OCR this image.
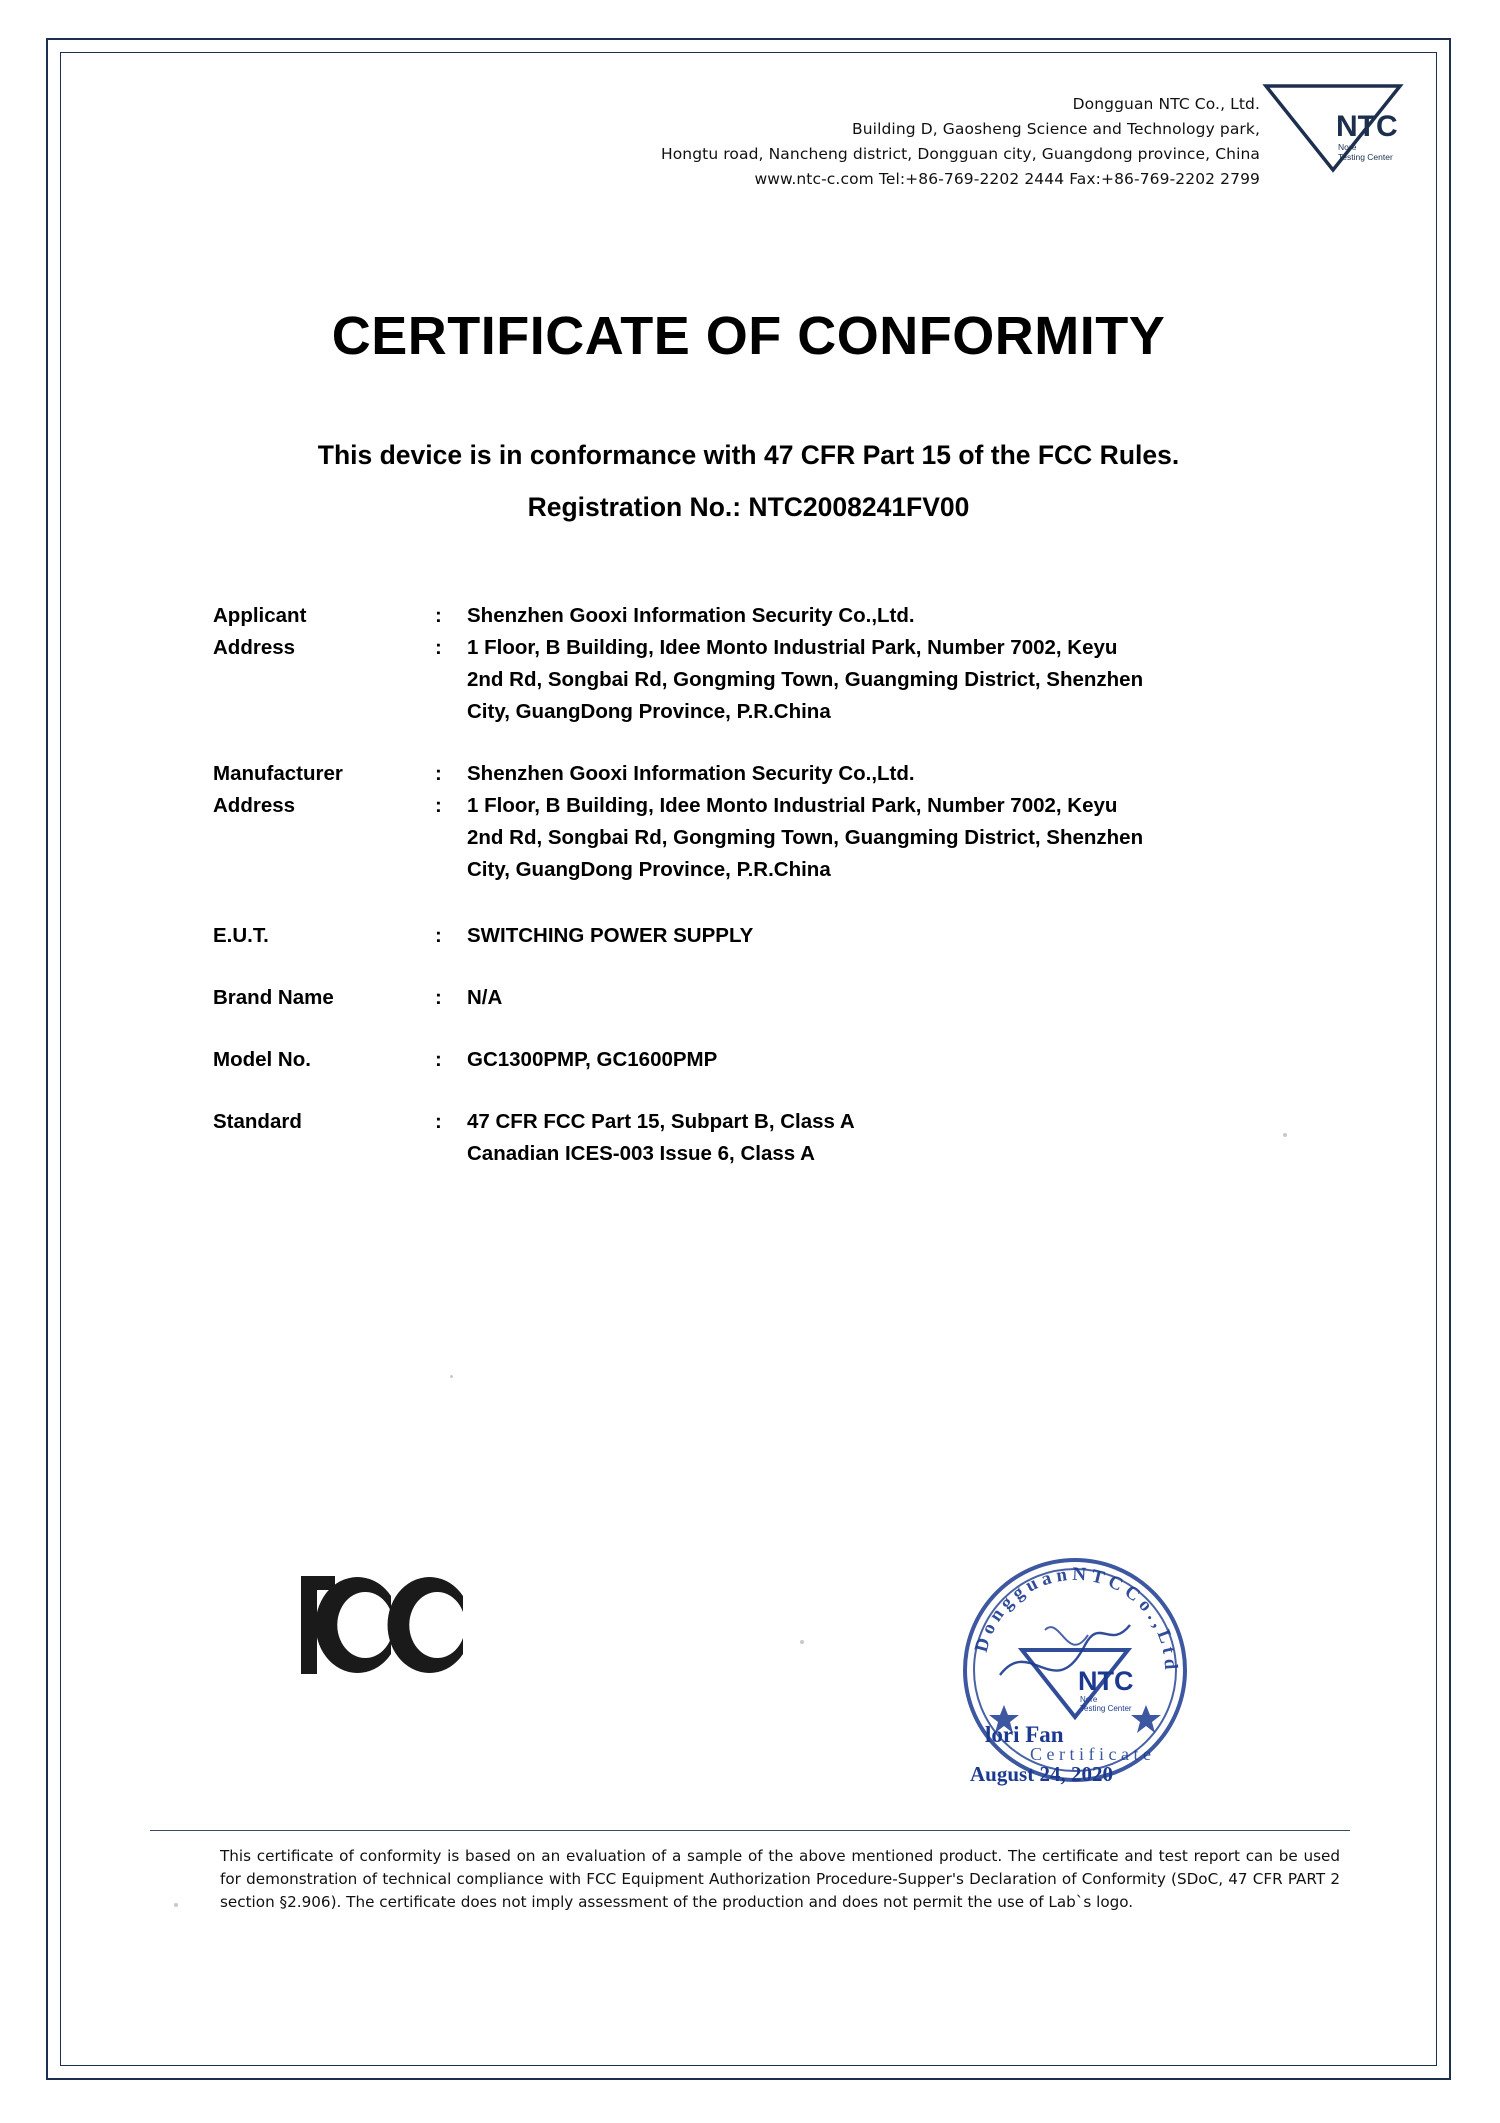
Dongguan NTC Co., Ltd.
Building D, Gaosheng Science and Technology park,
Hongtu road, Nancheng district, Dongguan city, Guangdong province, China
www.ntc-c.com Tel:+86-769-2202 2444 Fax:+86-769-2202 2799
NTC
Nore
Testing Center
CERTIFICATE OF CONFORMITY
This device is in conformance with 47 CFR Part 15 of the FCC Rules.
Registration No.: NTC2008241FV00
Applicant	:	Shenzhen Gooxi Information Security Co.,Ltd.
Address	:	1 Floor, B Building, Idee Monto Industrial Park, Number 7002, Keyu
2nd Rd, Songbai Rd, Gongming Town, Guangming District, Shenzhen
City, GuangDong Province, P.R.China
Manufacturer	:	Shenzhen Gooxi Information Security Co.,Ltd.
Address	:	1 Floor, B Building, Idee Monto Industrial Park, Number 7002, Keyu
2nd Rd, Songbai Rd, Gongming Town, Guangming District, Shenzhen
City, GuangDong Province, P.R.China
E.U.T.	:	SWITCHING POWER SUPPLY
Brand Name	:	N/A
Model No.	:	GC1300PMP, GC1600PMP
Standard	:	47 CFR FCC Part 15, Subpart B, Class A
Canadian ICES-003 Issue 6, Class A
D o n g g u a n N T C C o . , L t d
NTC
Nore
Testing Center
C e r t i f i c a t e
lori Fan
August 24, 2020
This certificate of conformity is based on an evaluation of a sample of the above mentioned product. The certificate and test report can be used for demonstration of technical compliance with FCC Equipment Authorization Procedure-Supper's Declaration of Conformity (SDoC, 47 CFR PART 2 section §2.906). The certificate does not imply assessment of the production and does not permit the use of Lab`s logo.
